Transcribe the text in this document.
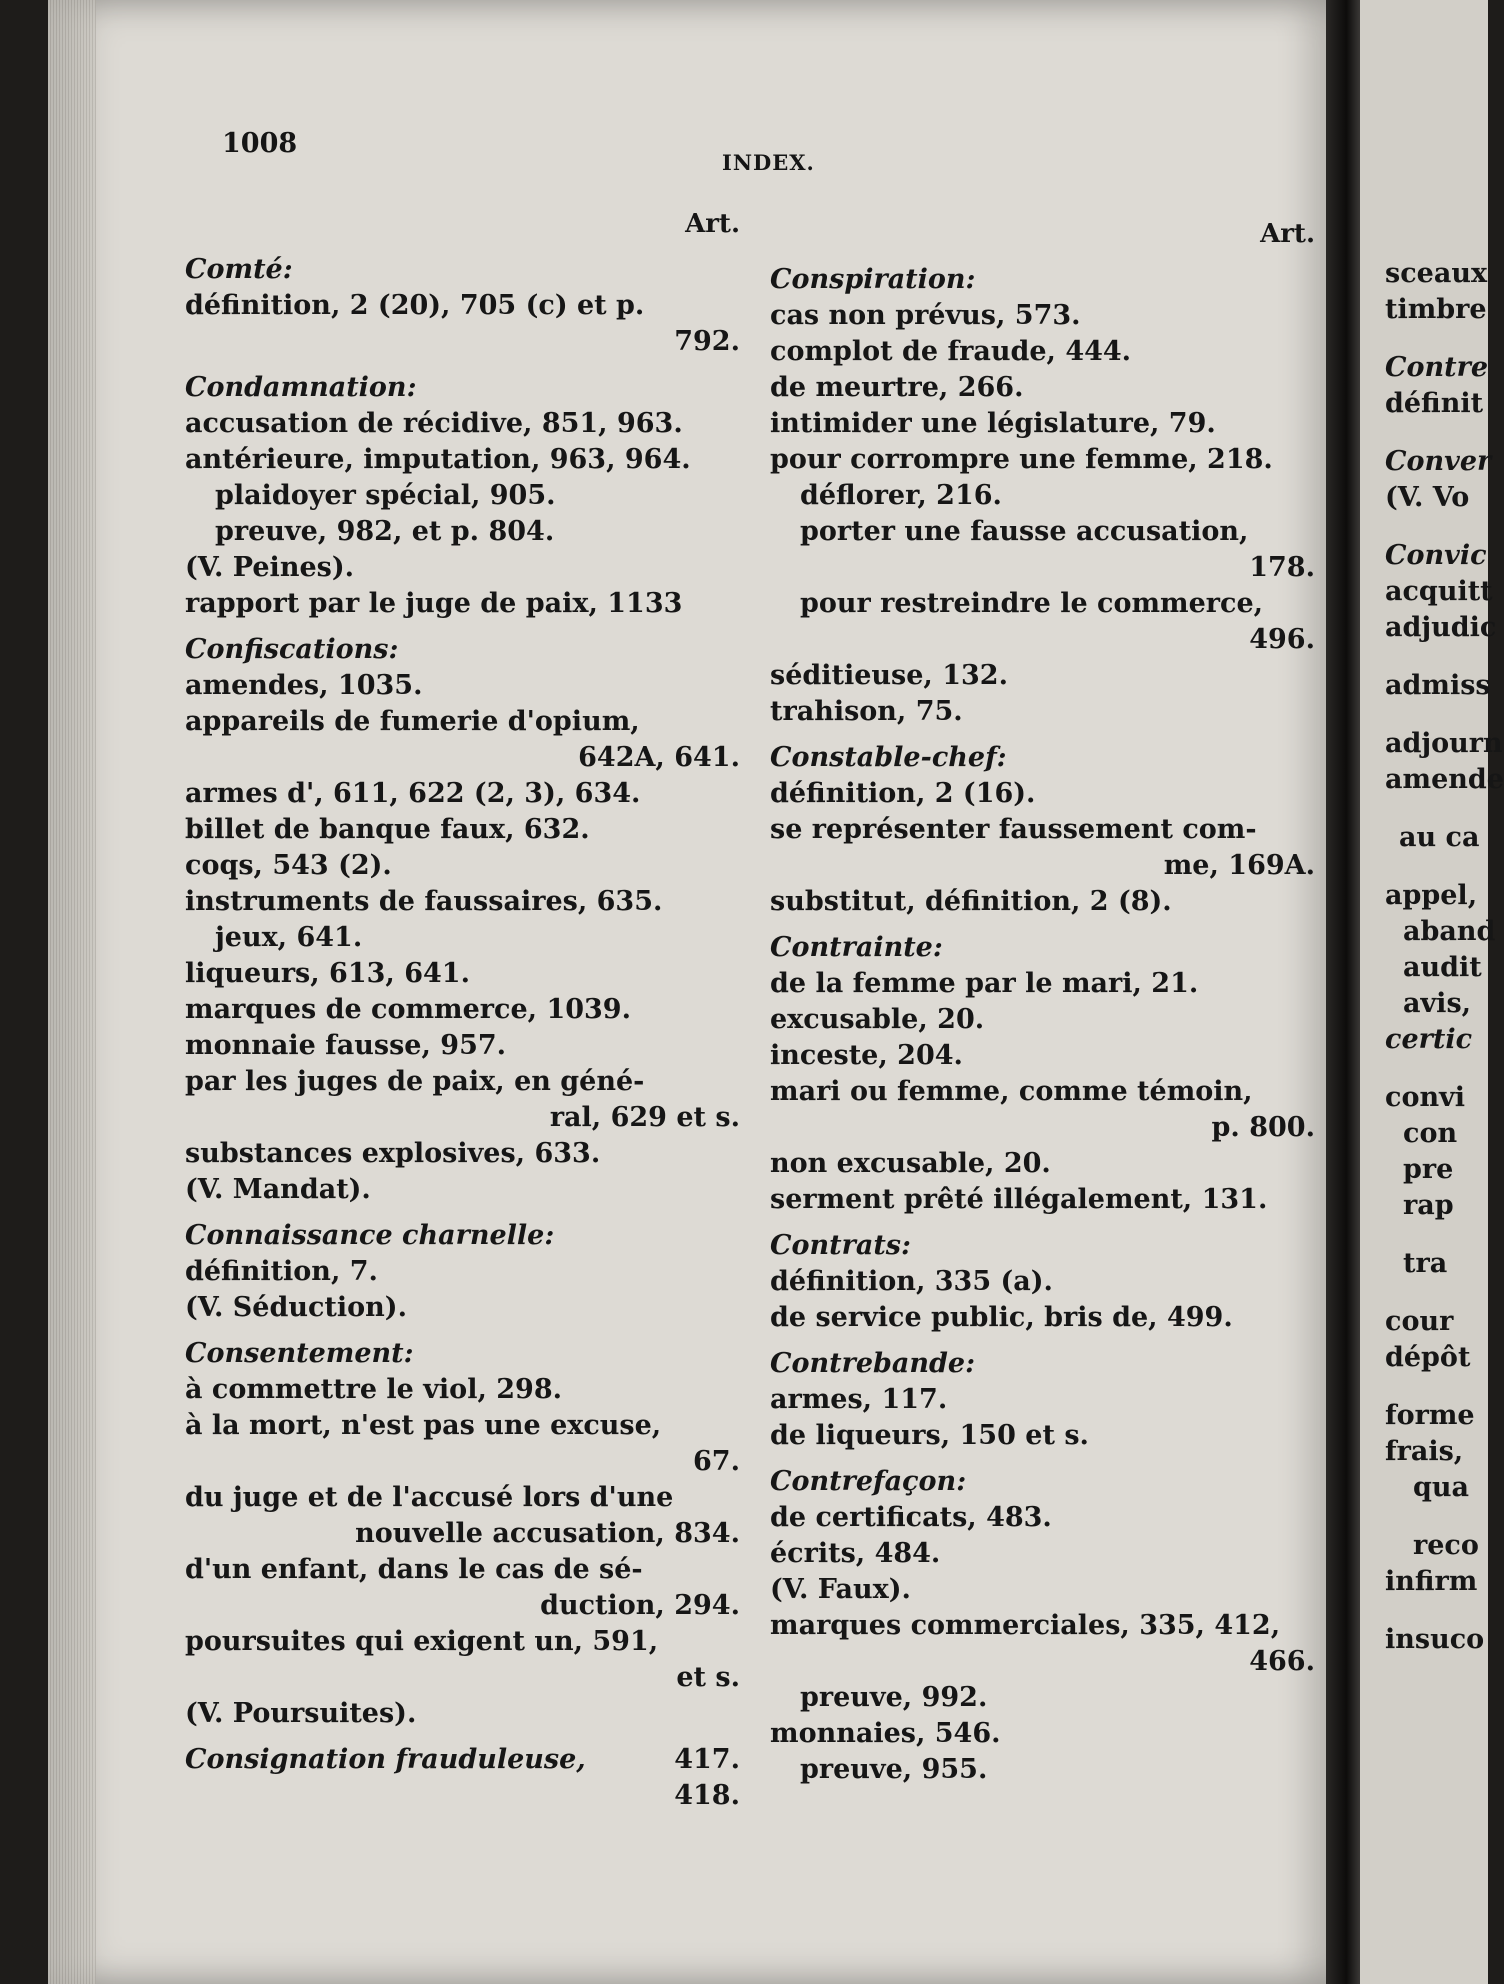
1008
INDEX.
Art.
Comté:
définition, 2 (20), 705 (c) et p.
792.
Condamnation:
accusation de récidive, 851, 963.
antérieure, imputation, 963, 964.
plaidoyer spécial, 905.
preuve, 982, et p. 804.
(V. Peines).
rapport par le juge de paix, 1133
Confiscations:
amendes, 1035.
appareils de fumerie d'opium,
642A, 641.
armes d', 611, 622 (2, 3), 634.
billet de banque faux, 632.
coqs, 543 (2).
instruments de faussaires, 635.
jeux, 641.
liqueurs, 613, 641.
marques de commerce, 1039.
monnaie fausse, 957.
par les juges de paix, en géné-
ral, 629 et s.
substances explosives, 633.
(V. Mandat).
Connaissance charnelle:
définition, 7.
(V. Séduction).
Consentement:
à commettre le viol, 298.
à la mort, n'est pas une excuse,
67.
du juge et de l'accusé lors d'une
nouvelle accusation, 834.
d'un enfant, dans le cas de sé-
duction, 294.
poursuites qui exigent un, 591,
et s.
(V. Poursuites).
Consignation frauduleuse,	417.
418.
Art.
Conspiration:
cas non prévus, 573.
complot de fraude, 444.
de meurtre, 266.
intimider une législature, 79.
pour corrompre une femme, 218.
déflorer, 216.
porter une fausse accusation,
178.
pour restreindre le commerce,
496.
séditieuse, 132.
trahison, 75.
Constable-chef:
définition, 2 (16).
se représenter faussement com-
me, 169A.
substitut, définition, 2 (8).
Contrainte:
de la femme par le mari, 21.
excusable, 20.
inceste, 204.
mari ou femme, comme témoin,
p. 800.
non excusable, 20.
serment prêté illégalement, 131.
Contrats:
définition, 335 (a).
de service public, bris de, 499.
Contrebande:
armes, 117.
de liqueurs, 150 et s.
Contrefaçon:
de certificats, 483.
écrits, 484.
(V. Faux).
marques commerciales, 335, 412,
466.
preuve, 992.
monnaies, 546.
preuve, 955.
sceaux
timbre
Contre
définit
Conver
(V. Vo
Convic
acquitt
adjudic
admiss
adjourn
amende
au ca
appel,
aband
audit
avis,
certic
convi
con
pre
rap
tra
cour
dépôt
forme
frais,
qua
reco
infirm
insuco
